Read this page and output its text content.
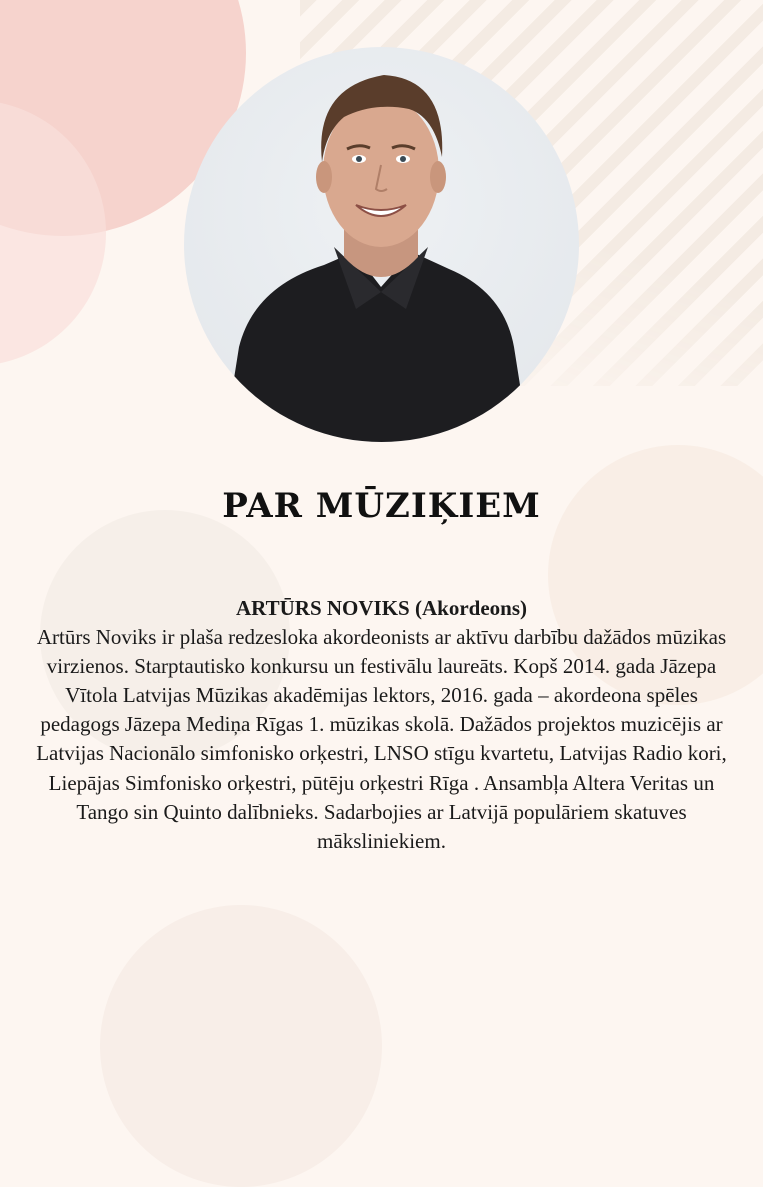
PAR MŪZIĶIEM
ARTŪRS NOVIKS (Akordeons)
Artūrs Noviks ir plaša redzesloka akordeonists ar aktīvu darbību dažādos mūzikas virzienos. Starptautisko konkursu un festivālu laureāts. Kopš 2014. gada Jāzepa Vītola Latvijas Mūzikas akadēmijas lektors, 2016. gada – akordeona spēles pedagogs Jāzepa Mediņa Rīgas 1. mūzikas skolā. Dažādos projektos muzicējis ar Latvijas Nacionālo simfonisko orķestri, LNSO stīgu kvartetu, Latvijas Radio kori, Liepājas Simfonisko orķestri, pūtēju orķestri Rīga . Ansambļa Altera Veritas un Tango sin Quinto dalībnieks. Sadarbojies ar Latvijā populāriem skatuves māksliniekiem.
